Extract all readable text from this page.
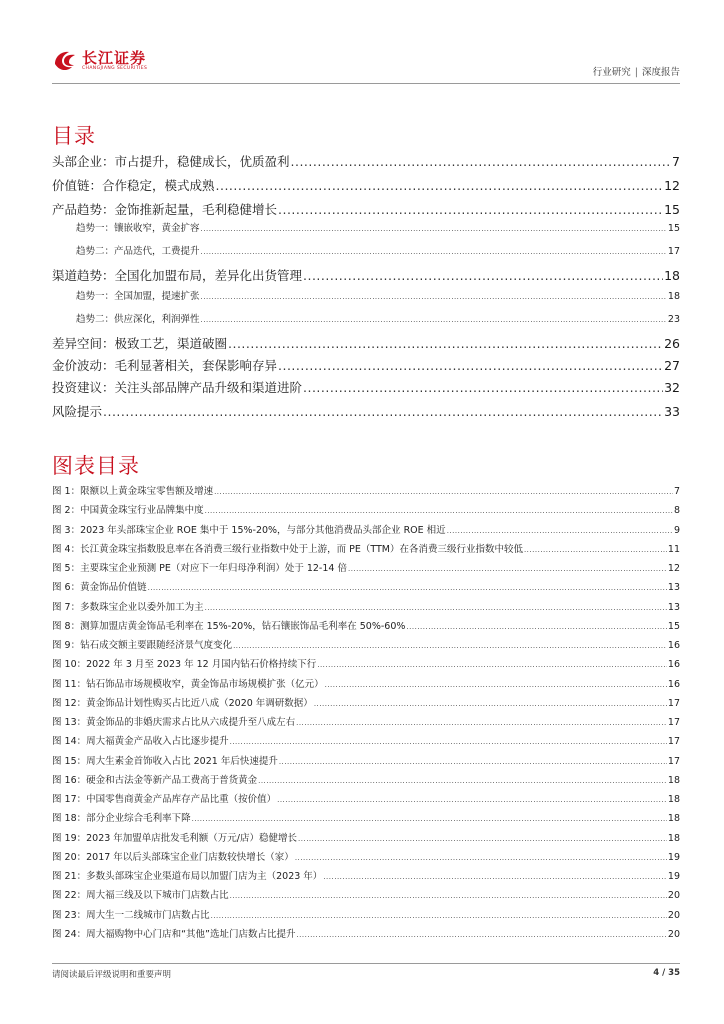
长江证券
CHANGJIANG SECURITIES	行业研究 | 深度报告
目录
头部企业：市占提升，稳健成长，优质盈利 .....	7
价值链：合作稳定，模式成熟 .....	12
产品趋势：金饰推新起量，毛利稳健增长 .....	15
趋势一：镶嵌收窄，黄金扩容 .....	15
趋势二：产品迭代，工费提升 .....	17
渠道趋势：全国化加盟布局，差异化出货管理 .....	18
趋势一：全国加盟，提速扩张 .....	18
趋势二：供应深化，利润弹性 .....	23
差异空间：极致工艺，渠道破圈 .....	26
金价波动：毛利显著相关，套保影响存异 .....	27
投资建议：关注头部品牌产品升级和渠道进阶 .....	32
风险提示 .....	33
图表目录
图 1：限额以上黄金珠宝零售额及增速 .....	7
图 2：中国黄金珠宝行业品牌集中度 .....	8
图 3：2023 年头部珠宝企业 ROE 集中于 15%-20%，与部分其他消费品头部企业 ROE 相近 .....	9
图 4：长江黄金珠宝指数股息率在各消费三级行业指数中处于上游，而 PE（TTM）在各消费三级行业指数中较低 .....	11
图 5：主要珠宝企业预测 PE（对应下一年归母净利润）处于 12-14 倍 .....	12
图 6：黄金饰品价值链 .....	13
图 7：多数珠宝企业以委外加工为主 .....	13
图 8：测算加盟店黄金饰品毛利率在 15%-20%，钻石镶嵌饰品毛利率在 50%-60% .....	15
图 9：钻石成交额主要跟随经济景气度变化 .....	16
图 10：2022 年 3 月至 2023 年 12 月国内钻石价格持续下行 .....	16
图 11：钻石饰品市场规模收窄，黄金饰品市场规模扩张（亿元） .....	16
图 12：黄金饰品计划性购买占比近八成（2020 年调研数据） .....	17
图 13：黄金饰品的非婚庆需求占比从六成提升至八成左右 .....	17
图 14：周大福黄金产品收入占比逐步提升 .....	17
图 15：周大生素金首饰收入占比 2021 年后快速提升 .....	17
图 16：硬金和古法金等新产品工费高于普货黄金 .....	18
图 17：中国零售商黄金产品库存产品比重（按价值） .....	18
图 18：部分企业综合毛利率下降 .....	18
图 19：2023 年加盟单店批发毛利额（万元/店）稳健增长 .....	18
图 20：2017 年以后头部珠宝企业门店数较快增长（家） .....	19
图 21：多数头部珠宝企业渠道布局以加盟门店为主（2023 年） .....	19
图 22：周大福三线及以下城市门店数占比 .....	20
图 23：周大生一二线城市门店数占比 .....	20
图 24：周大福购物中心门店和“其他”选址门店数占比提升 .....	20
请阅读最后评级说明和重要声明	4 / 35
